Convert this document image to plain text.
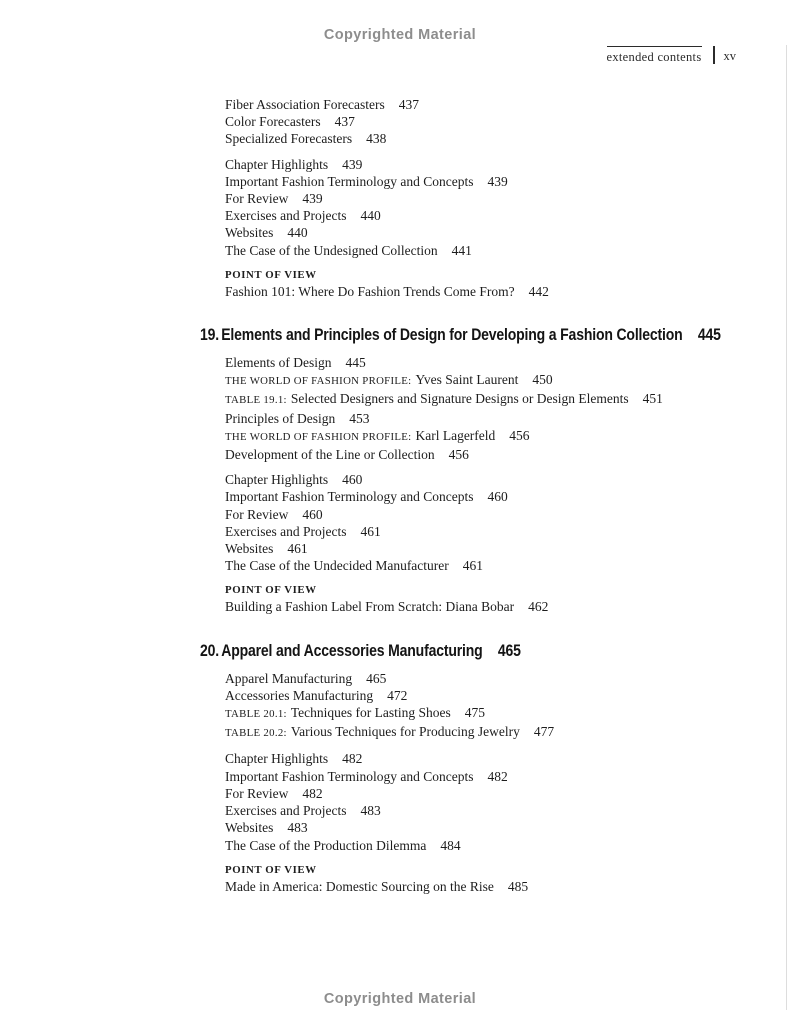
Copyrighted Material
extended contents xv
Fiber Association Forecasters 437
Color Forecasters 437
Specialized Forecasters 438
Chapter Highlights 439
Important Fashion Terminology and Concepts 439
For Review 439
Exercises and Projects 440
Websites 440
The Case of the Undesigned Collection 441
POINT OF VIEW
Fashion 101: Where Do Fashion Trends Come From? 442
19. Elements and Principles of Design for Developing a Fashion Collection 445
Elements of Design 445
THE WORLD OF FASHION PROFILE: Yves Saint Laurent 450
TABLE 19.1: Selected Designers and Signature Designs or Design Elements 451
Principles of Design 453
THE WORLD OF FASHION PROFILE: Karl Lagerfeld 456
Development of the Line or Collection 456
Chapter Highlights 460
Important Fashion Terminology and Concepts 460
For Review 460
Exercises and Projects 461
Websites 461
The Case of the Undecided Manufacturer 461
POINT OF VIEW
Building a Fashion Label From Scratch: Diana Bobar 462
20. Apparel and Accessories Manufacturing 465
Apparel Manufacturing 465
Accessories Manufacturing 472
TABLE 20.1: Techniques for Lasting Shoes 475
TABLE 20.2: Various Techniques for Producing Jewelry 477
Chapter Highlights 482
Important Fashion Terminology and Concepts 482
For Review 482
Exercises and Projects 483
Websites 483
The Case of the Production Dilemma 484
POINT OF VIEW
Made in America: Domestic Sourcing on the Rise 485
Copyrighted Material
